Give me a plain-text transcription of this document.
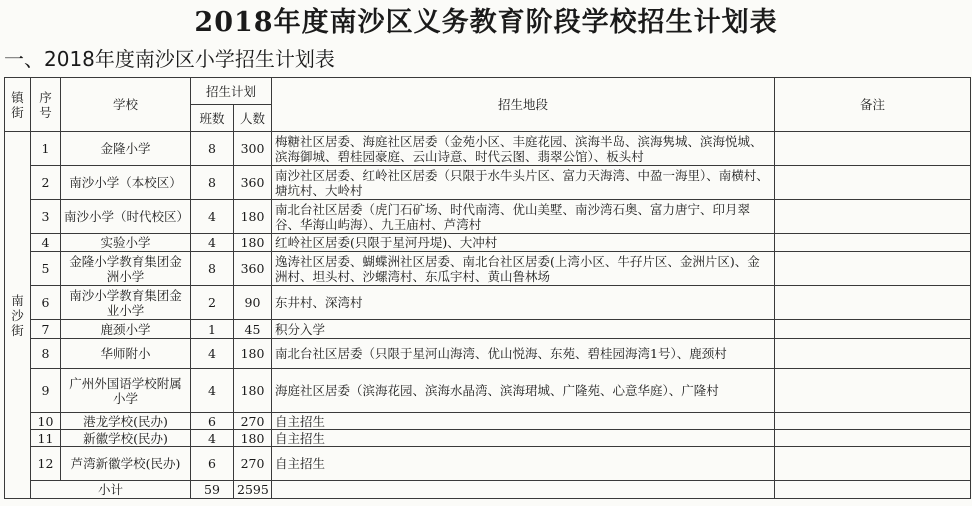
2018年度南沙区义务教育阶段学校招生计划表
一、2018年度南沙区小学招生计划表
镇街	序号	学校	招生计划		招生地段	备注
			班数	人数		
南沙街	1	金隆小学	8	300	梅糖社区居委、海庭社区居委（金苑小区、丰庭花园、滨海半岛、滨海隽城、滨海悦城、滨海御城、碧桂园豪庭、云山诗意、时代云图、翡翠公馆）、板头村	
	2	南沙小学（本校区）	8	360	南沙社区居委、红岭社区居委（只限于水牛头片区、富力天海湾、中盈一海里）、南横村、塘坑村、大岭村	
	3	南沙小学（时代校区）	4	180	南北台社区居委（虎门石矿场、时代南湾、优山美墅、南沙湾石奥、富力唐宁、印月翠谷、华海山屿海）、九王庙村、芦湾村	
	4	实验小学	4	180	红岭社区居委(只限于星河丹堤)、大冲村	
	5	金隆小学教育集团金洲小学	8	360	逸涛社区居委、蝴蝶洲社区居委、南北台社区居委(上湾小区、牛孖片区、金洲片区)、金洲村、坦头村、沙螺湾村、东瓜宇村、黄山鲁林场	
	6	南沙小学教育集团金业小学	2	90	东井村、深湾村	
	7	鹿颈小学	1	45	积分入学	
	8	华师附小	4	180	南北台社区居委（只限于星河山海湾、优山悦海、东苑、碧桂园海湾1号）、鹿颈村	
	9	广州外国语学校附属小学	4	180	海庭社区居委（滨海花园、滨海水晶湾、滨海珺城、广隆苑、心意华庭）、广隆村	
	10	港龙学校(民办)	6	270	自主招生	
	11	新徽学校(民办)	4	180	自主招生	
	12	芦湾新徽学校(民办)	6	270	自主招生	
	小计		59	2595		
